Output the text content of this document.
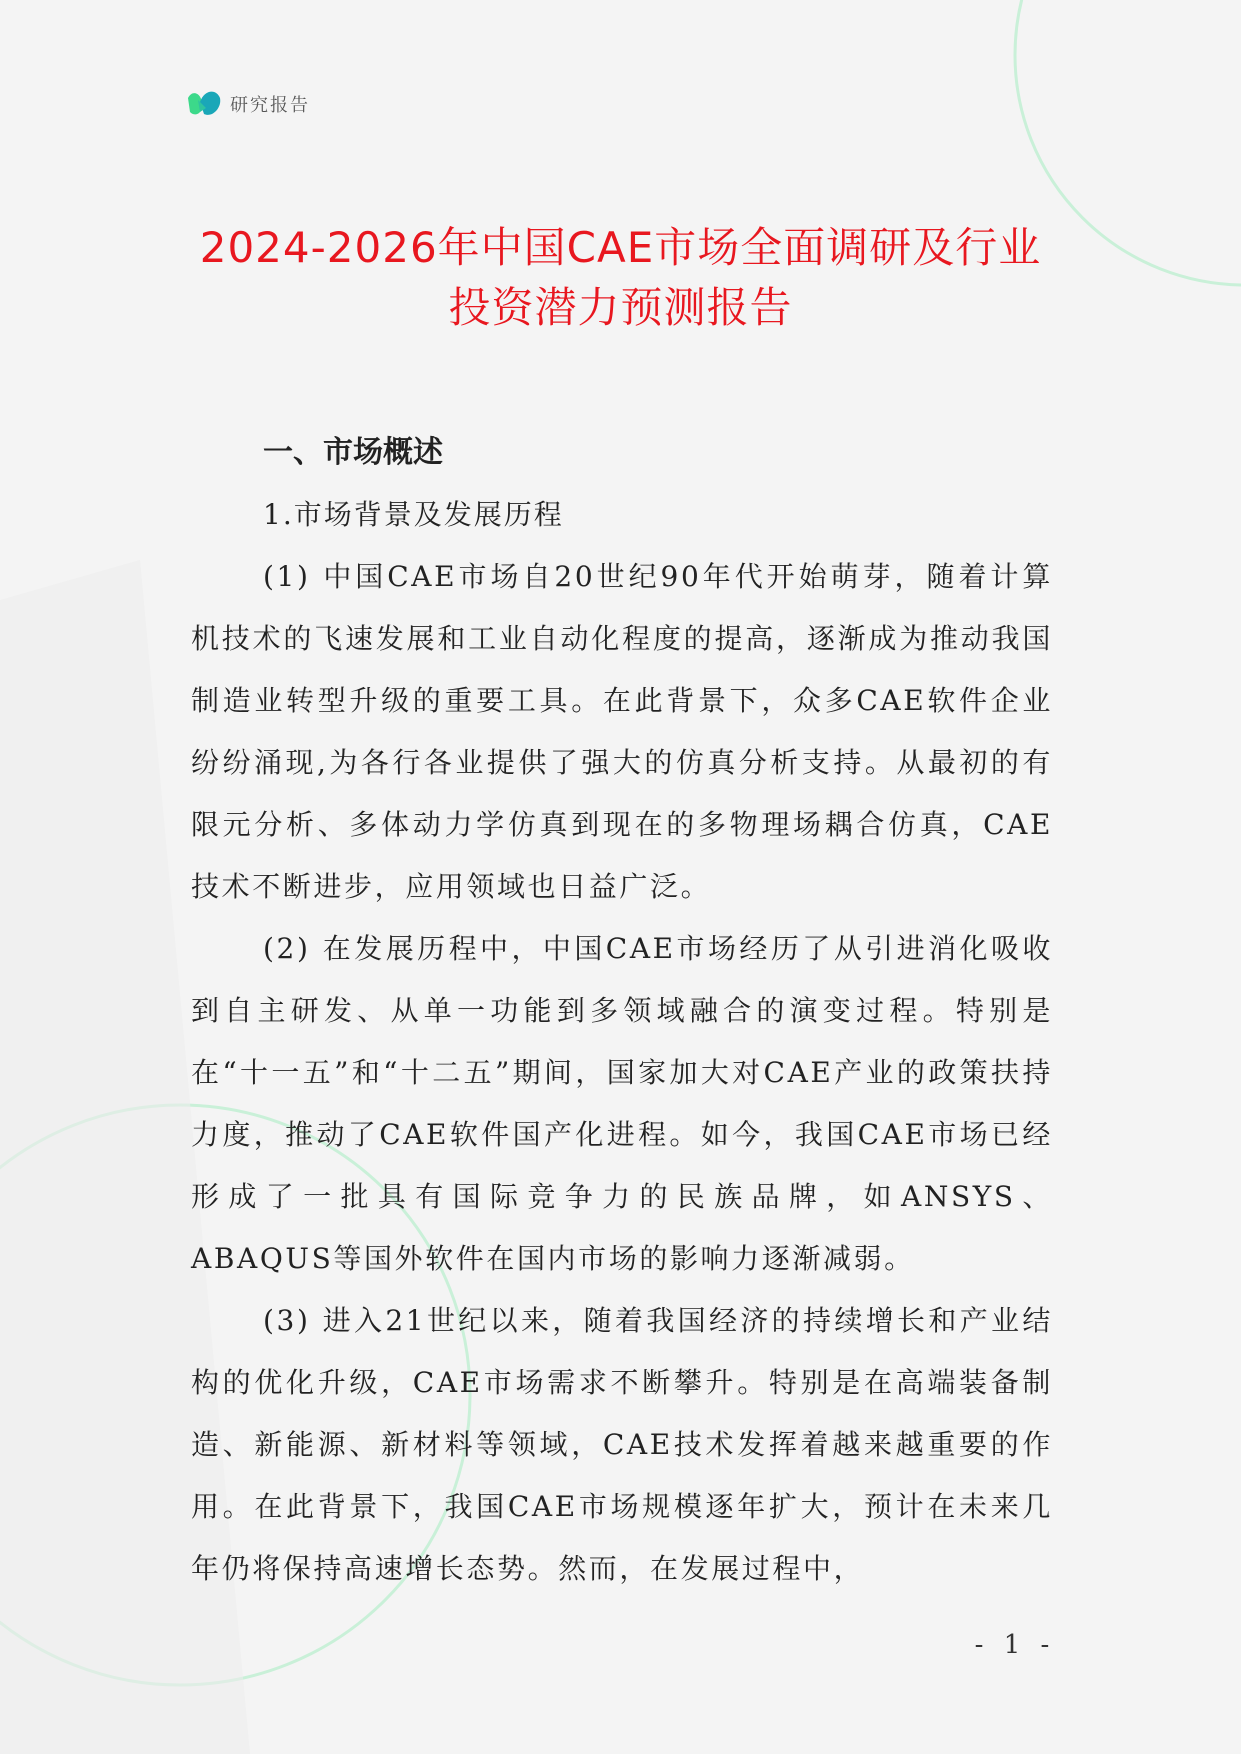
研究报告
2024-2026年中国CAE市场全面调研及行业
投资潜力预测报告
一、市场概述
1.市场背景及发展历程

(1) 中国CAE市场自20世纪90年代开始萌芽，随着计算机技术的飞速发展和工业自动化程度的提高，逐渐成为推动我国制造业转型升级的重要工具。在此背景下，众多CAE软件企业纷纷涌现,为各行各业提供了强大的仿真分析支持。从最初的有限元分析、多体动力学仿真到现在的多物理场耦合仿真，CAE技术不断进步，应用领域也日益广泛。

(2) 在发展历程中，中国CAE市场经历了从引进消化吸收到自主研发、从单一功能到多领域融合的演变过程。特别是在“十一五”和“十二五”期间，国家加大对CAE产业的政策扶持力度，推动了CAE软件国产化进程。如今，我国CAE市场已经形成了一批具有国际竞争力的民族品牌，如ANSYS、ABAQUS等国外软件在国内市场的影响力逐渐减弱。

(3) 进入21世纪以来，随着我国经济的持续增长和产业结构的优化升级，CAE市场需求不断攀升。特别是在高端装备制造、新能源、新材料等领域，CAE技术发挥着越来越重要的作用。在此背景下，我国CAE市场规模逐年扩大，预计在未来几年仍将保持高速增长态势。然而，在发展过程中，

- 1 -
